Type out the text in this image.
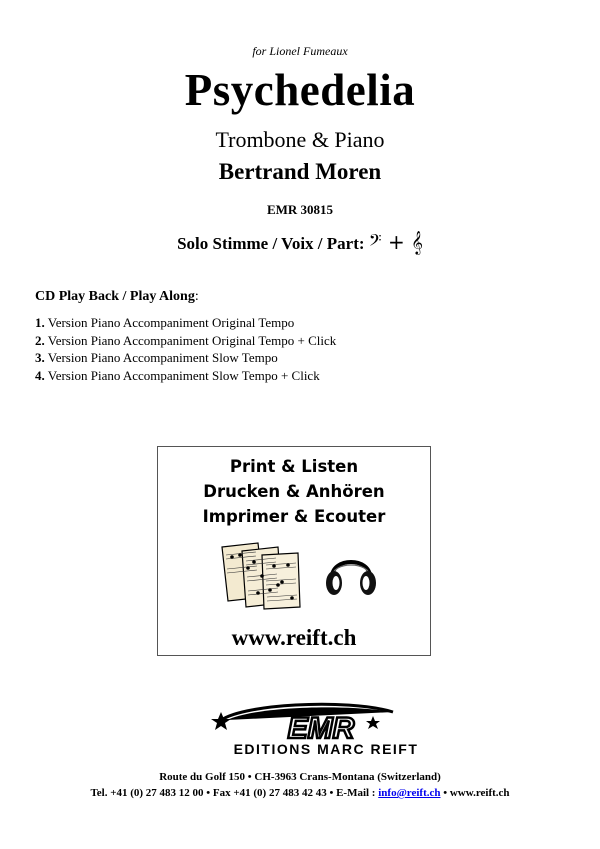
for Lionel Fumeaux
Psychedelia
Trombone & Piano
Bertrand Moren
EMR 30815
Solo Stimme / Voix / Part: 𝄢 + 𝄞
CD Play Back / Play Along:
1. Version Piano Accompaniment Original Tempo
2. Version Piano Accompaniment Original Tempo + Click
3. Version Piano Accompaniment Slow Tempo
4. Version Piano Accompaniment Slow Tempo + Click
Print & Listen
Drucken & Anhören
Imprimer & Ecouter
www.reift.ch
EMR
EDITIONS MARC REIFT
Route du Golf 150 • CH-3963 Crans-Montana (Switzerland)
Tel. +41 (0) 27 483 12 00 • Fax +41 (0) 27 483 42 43 • E-Mail : info@reift.ch • www.reift.ch
